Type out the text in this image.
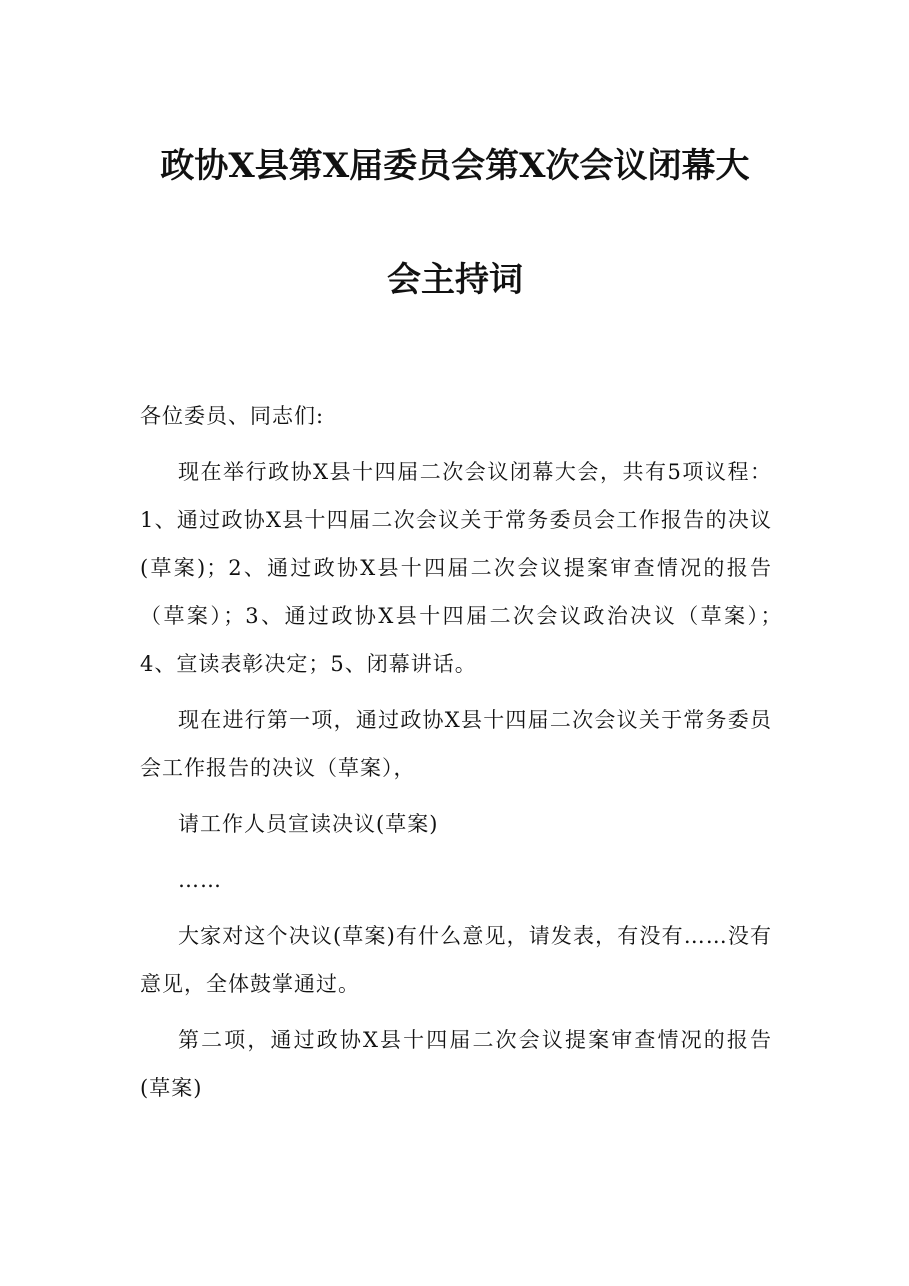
政协X县第X届委员会第X次会议闭幕大
会主持词

各位委员、同志们:

现在举行政协X县十四届二次会议闭幕大会，共有5项议程：1、通过政协X县十四届二次会议关于常务委员会工作报告的决议(草案)；2、通过政协X县十四届二次会议提案审查情况的报告（草案）；3、通过政协X县十四届二次会议政治决议（草案）；　4、宣读表彰决定；5、闭幕讲话。

现在进行第一项，通过政协X县十四届二次会议关于常务委员会工作报告的决议（草案），

请工作人员宣读决议(草案)

……

大家对这个决议(草案)有什么意见，请发表，有没有……没有意见，全体鼓掌通过。

第二项，通过政协X县十四届二次会议提案审查情况的报告(草案)
